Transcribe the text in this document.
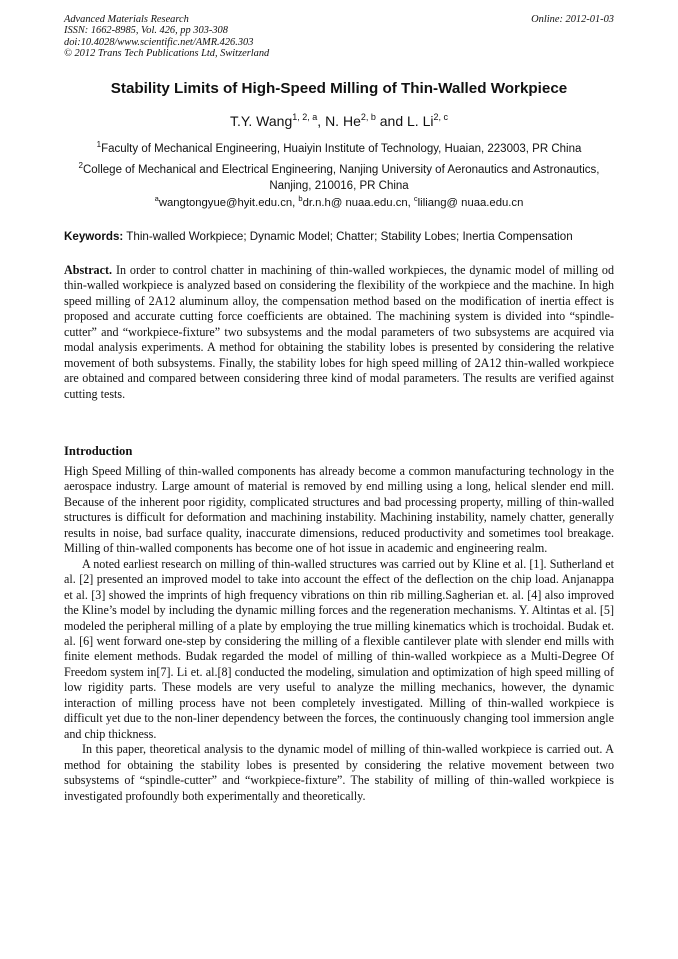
Advanced Materials Research
ISSN: 1662-8985, Vol. 426, pp 303-308
doi:10.4028/www.scientific.net/AMR.426.303
© 2012 Trans Tech Publications Ltd, Switzerland
Online: 2012-01-03
Stability Limits of High-Speed Milling of Thin-Walled Workpiece
T.Y. Wang$^{1, 2, a}$, N. He$^{2, b}$ and L. Li$^{2, c}$
$^1$Faculty of Mechanical Engineering, Huaiyin Institute of Technology, Huaian, 223003, PR China
$^2$College of Mechanical and Electrical Engineering, Nanjing University of Aeronautics and Astronautics, Nanjing, 210016, PR China
$^a$wangtongyue@hyit.edu.cn, $^b$dr.n.h@ nuaa.edu.cn, $^c$liliang@ nuaa.edu.cn
Keywords: Thin-walled Workpiece; Dynamic Model; Chatter; Stability Lobes; Inertia Compensation
Abstract. In order to control chatter in machining of thin-walled workpieces, the dynamic model of milling od thin-walled workpiece is analyzed based on considering the flexibility of the workpiece and the machine. In high speed milling of 2A12 aluminum alloy, the compensation method based on the modification of inertia effect is proposed and accurate cutting force coefficients are obtained. The machining system is divided into “spindle-cutter” and “workpiece-fixture” two subsystems and the modal parameters of two subsystems are acquired via modal analysis experiments. A method for obtaining the stability lobes is presented by considering the relative movement of both subsystems. Finally, the stability lobes for high speed milling of 2A12 thin-walled workpiece are obtained and compared between considering three kind of modal parameters. The results are verified against cutting tests.
Introduction

High Speed Milling of thin-walled components has already become a common manufacturing technology in the aerospace industry. Large amount of material is removed by end milling using a long, helical slender end mill. Because of the inherent poor rigidity, complicated structures and bad processing property, milling of thin-walled structures is difficult for deformation and machining instability. Machining instability, namely chatter, generally results in noise, bad surface quality, inaccurate dimensions, reduced productivity and sometimes tool breakage. Milling of thin-walled components has become one of hot issue in academic and engineering realm.

A noted earliest research on milling of thin-walled structures was carried out by Kline et al. [1]. Sutherland et al. [2] presented an improved model to take into account the effect of the deflection on the chip load. Anjanappa et al. [3] showed the imprints of high frequency vibrations on thin rib milling.Sagherian et. al. [4] also improved the Kline’s model by including the dynamic milling forces and the regeneration mechanisms. Y. Altintas et al. [5] modeled the peripheral milling of a plate by employing the true milling kinematics which is trochoidal. Budak et. al. [6] went forward one-step by considering the milling of a flexible cantilever plate with slender end mills with finite element methods. Budak regarded the model of milling of thin-walled workpiece as a Multi-Degree Of Freedom system in[7]. Li et. al.[8] conducted the modeling, simulation and optimization of high speed milling of low rigidity parts. These models are very useful to analyze the milling mechanics, however, the dynamic interaction of milling process have not been completely investigated. Milling of thin-walled workpiece is difficult yet due to the non-liner dependency between the forces, the continuously changing tool immersion angle and chip thickness.

In this paper, theoretical analysis to the dynamic model of milling of thin-walled workpiece is carried out. A method for obtaining the stability lobes is presented by considering the relative movement between two subsystems of “spindle-cutter” and “workpiece-fixture”. The stability of milling of thin-walled workpiece is investigated profoundly both experimentally and theoretically.
